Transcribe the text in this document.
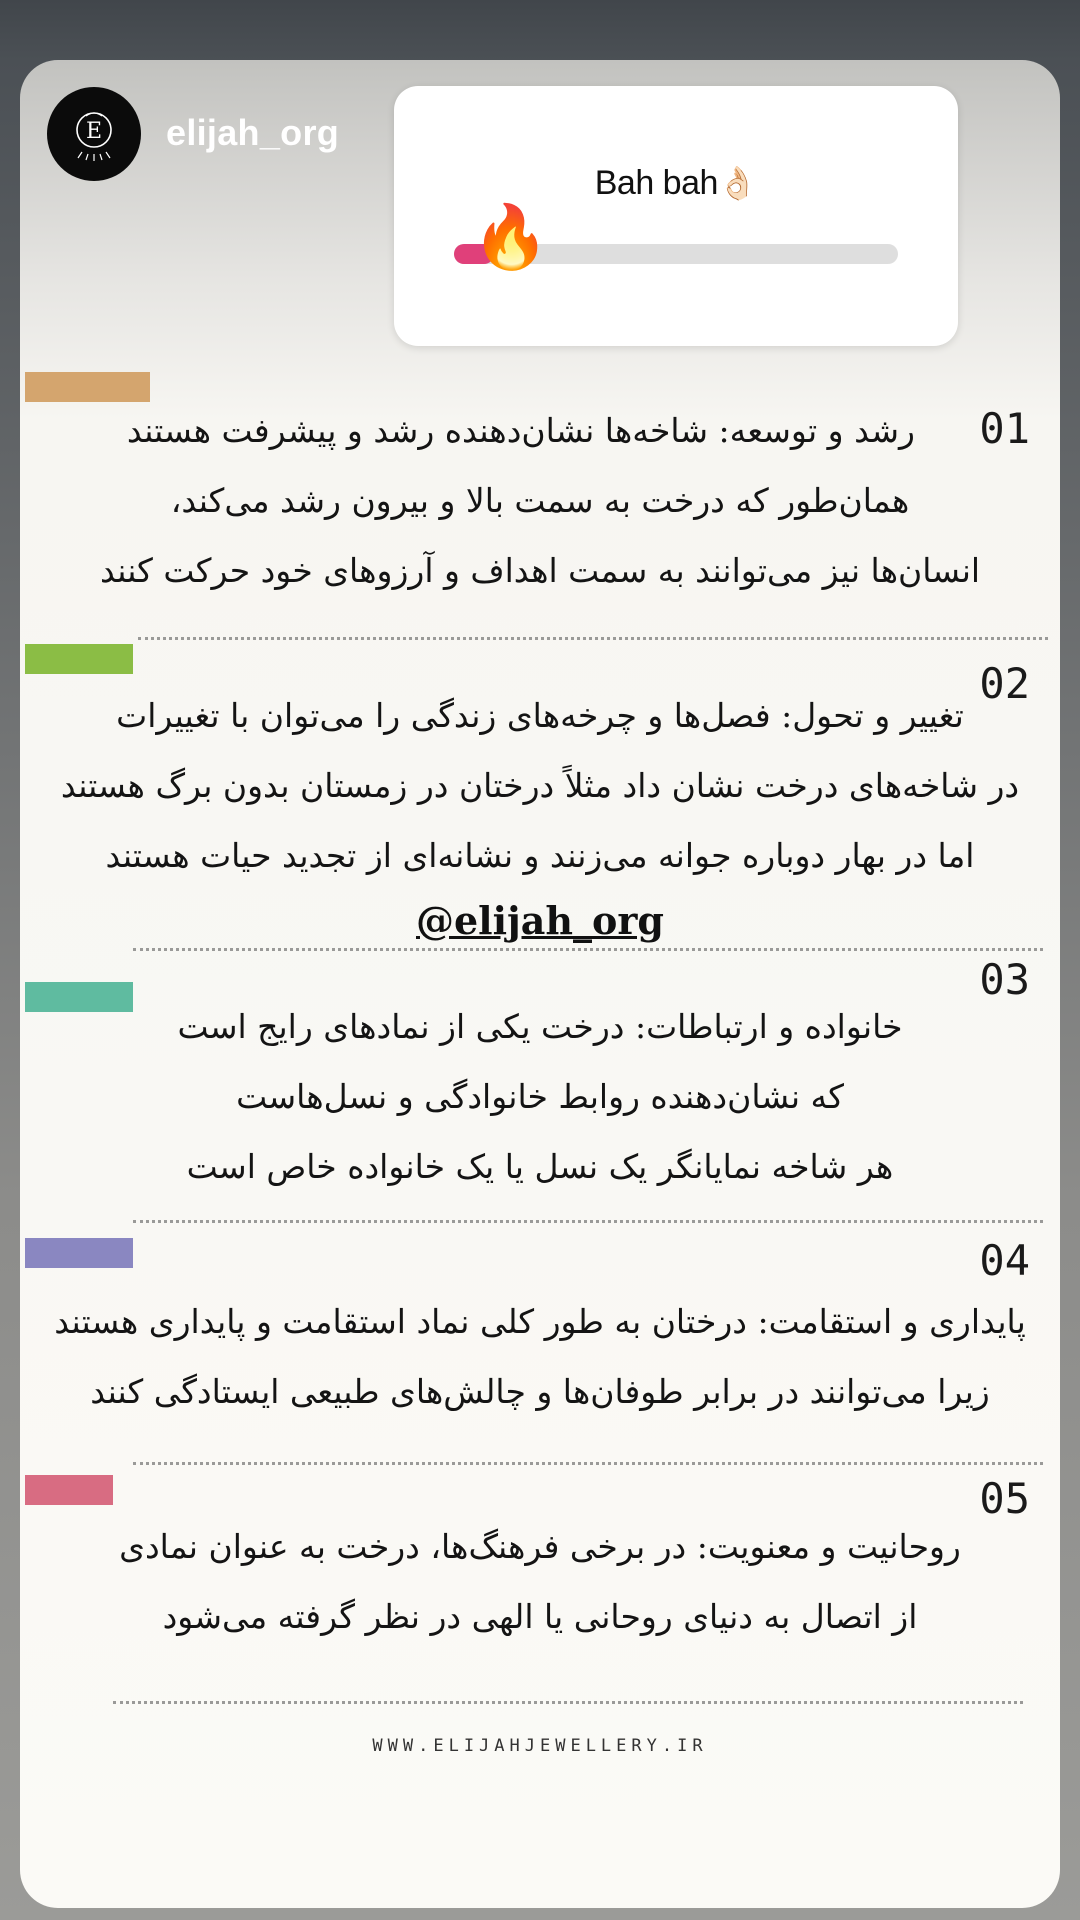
E elijah_org
Bah bah👌🏻
🔥
01
رشد و توسعه: شاخه‌ها نشان‌دهنده رشد و پیشرفت هستند
همان‌طور که درخت به سمت بالا و بیرون رشد می‌کند،
انسان‌ها نیز می‌توانند به سمت اهداف و آرزوهای خود حرکت کنند
02
تغییر و تحول: فصل‌ها و چرخه‌های زندگی را می‌توان با تغییرات
در شاخه‌های درخت نشان داد مثلاً درختان در زمستان بدون برگ هستند
اما در بهار دوباره جوانه می‌زنند و نشانه‌ای از تجدید حیات هستند
@elijah_org
03
خانواده و ارتباطات: درخت یکی از نمادهای رایج است
که نشان‌دهنده روابط خانوادگی و نسل‌هاست
هر شاخه نمایانگر یک نسل یا یک خانواده خاص است
04
پایداری و استقامت: درختان به طور کلی نماد استقامت و پایداری هستند
زیرا می‌توانند در برابر طوفان‌ها و چالش‌های طبیعی ایستادگی کنند
05
روحانیت و معنویت: در برخی فرهنگ‌ها، درخت به عنوان نمادی
از اتصال به دنیای روحانی یا الهی در نظر گرفته می‌شود
WWW.ELIJAHJEWELLERY.IR
